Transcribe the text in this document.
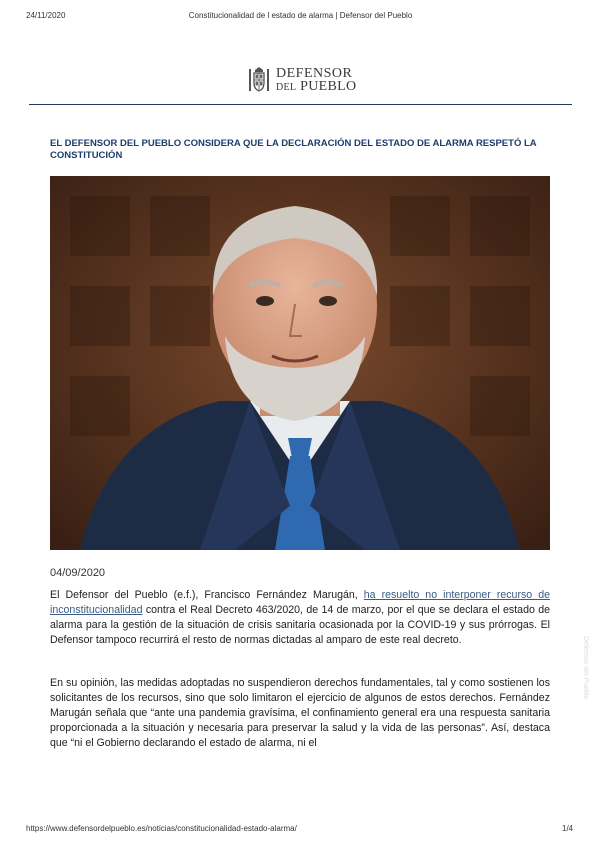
24/11/2020	Constitucionalidad de l estado de alarma | Defensor del Pueblo
DEFENSOR
DEL PUEBLO
EL DEFENSOR DEL PUEBLO CONSIDERA QUE LA DECLARACIÓN DEL ESTADO DE ALARMA RESPETÓ LA CONSTITUCIÓN
Defensor del Pueblo
04/09/2020
El Defensor del Pueblo (e.f.), Francisco Fernández Marugán, ha resuelto no interponer recurso de inconstitucionalidad contra el Real Decreto 463/2020, de 14 de marzo, por el que se declara el estado de alarma para la gestión de la situación de crisis sanitaria ocasionada por la COVID-19 y sus prórrogas. El Defensor tampoco recurrirá el resto de normas dictadas al amparo de este real decreto.
En su opinión, las medidas adoptadas no suspendieron derechos fundamentales, tal y como sostienen los solicitantes de los recursos, sino que solo limitaron el ejercicio de algunos de estos derechos. Fernández Marugán señala que “ante una pandemia gravísima, el confinamiento general era una respuesta sanitaria proporcionada a la situación y necesaria para preservar la salud y la vida de las personas”. Así, destaca que “ni el Gobierno declarando el estado de alarma, ni el
https://www.defensordelpueblo.es/noticias/constitucionalidad-estado-alarma/	1/4
